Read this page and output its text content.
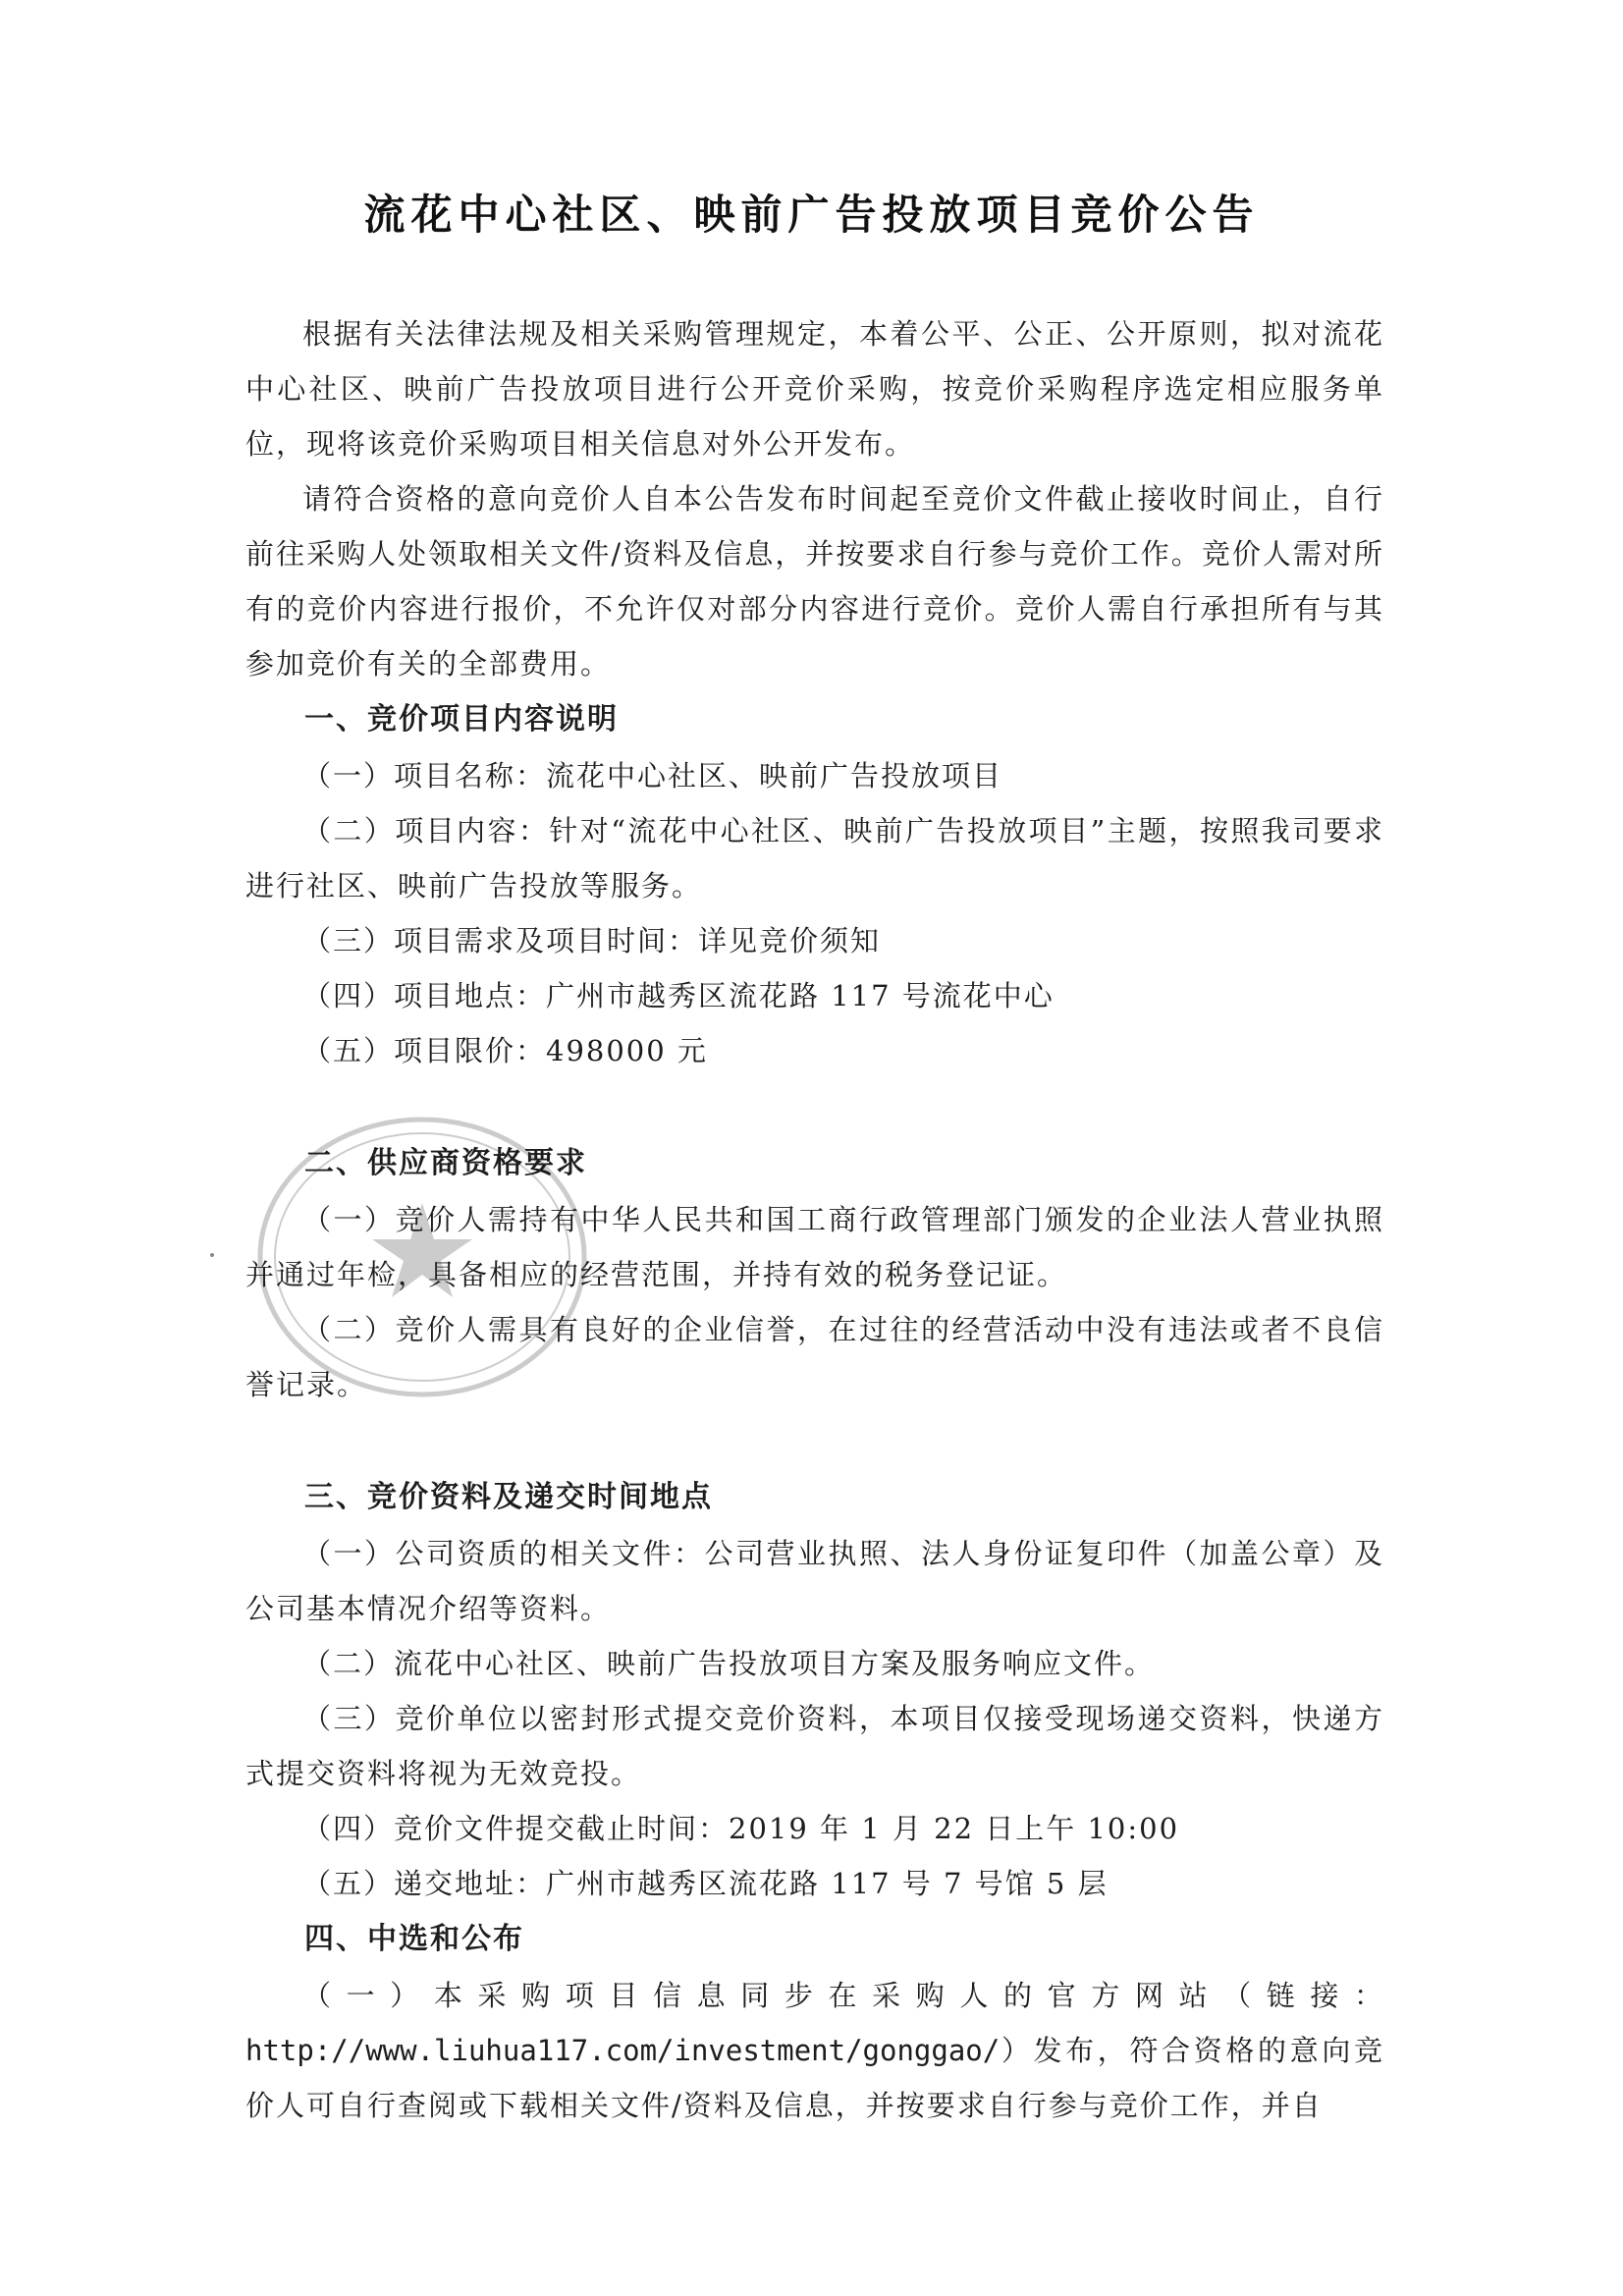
流花中心社区、映前广告投放项目竞价公告

根据有关法律法规及相关采购管理规定，本着公平、公正、公开原则，拟对流花中心社区、映前广告投放项目进行公开竞价采购，按竞价采购程序选定相应服务单位，现将该竞价采购项目相关信息对外公开发布。

请符合资格的意向竞价人自本公告发布时间起至竞价文件截止接收时间止，自行前往采购人处领取相关文件/资料及信息，并按要求自行参与竞价工作。竞价人需对所有的竞价内容进行报价，不允许仅对部分内容进行竞价。竞价人需自行承担所有与其参加竞价有关的全部费用。

一、竞价项目内容说明

（一）项目名称：流花中心社区、映前广告投放项目

（二）项目内容：针对“流花中心社区、映前广告投放项目”主题，按照我司要求进行社区、映前广告投放等服务。

（三）项目需求及项目时间：详见竞价须知

（四）项目地点：广州市越秀区流花路 117 号流花中心

（五）项目限价：498000 元

二、供应商资格要求

（一）竞价人需持有中华人民共和国工商行政管理部门颁发的企业法人营业执照并通过年检，具备相应的经营范围，并持有效的税务登记证。

（二）竞价人需具有良好的企业信誉，在过往的经营活动中没有违法或者不良信誉记录。

三、竞价资料及递交时间地点

（一）公司资质的相关文件：公司营业执照、法人身份证复印件（加盖公章）及公司基本情况介绍等资料。

（二）流花中心社区、映前广告投放项目方案及服务响应文件。

（三）竞价单位以密封形式提交竞价资料，本项目仅接受现场递交资料，快递方式提交资料将视为无效竞投。

（四）竞价文件提交截止时间：2019 年 1 月 22 日上午 10:00

（五）递交地址：广州市越秀区流花路 117 号 7 号馆 5 层

四、中选和公布

（一）本采购项目信息同步在采购人的官方网站（链接：http://www.liuhua117.com/investment/gonggao/）发布，符合资格的意向竞价人可自行查阅或下载相关文件/资料及信息，并按要求自行参与竞价工作，并自
